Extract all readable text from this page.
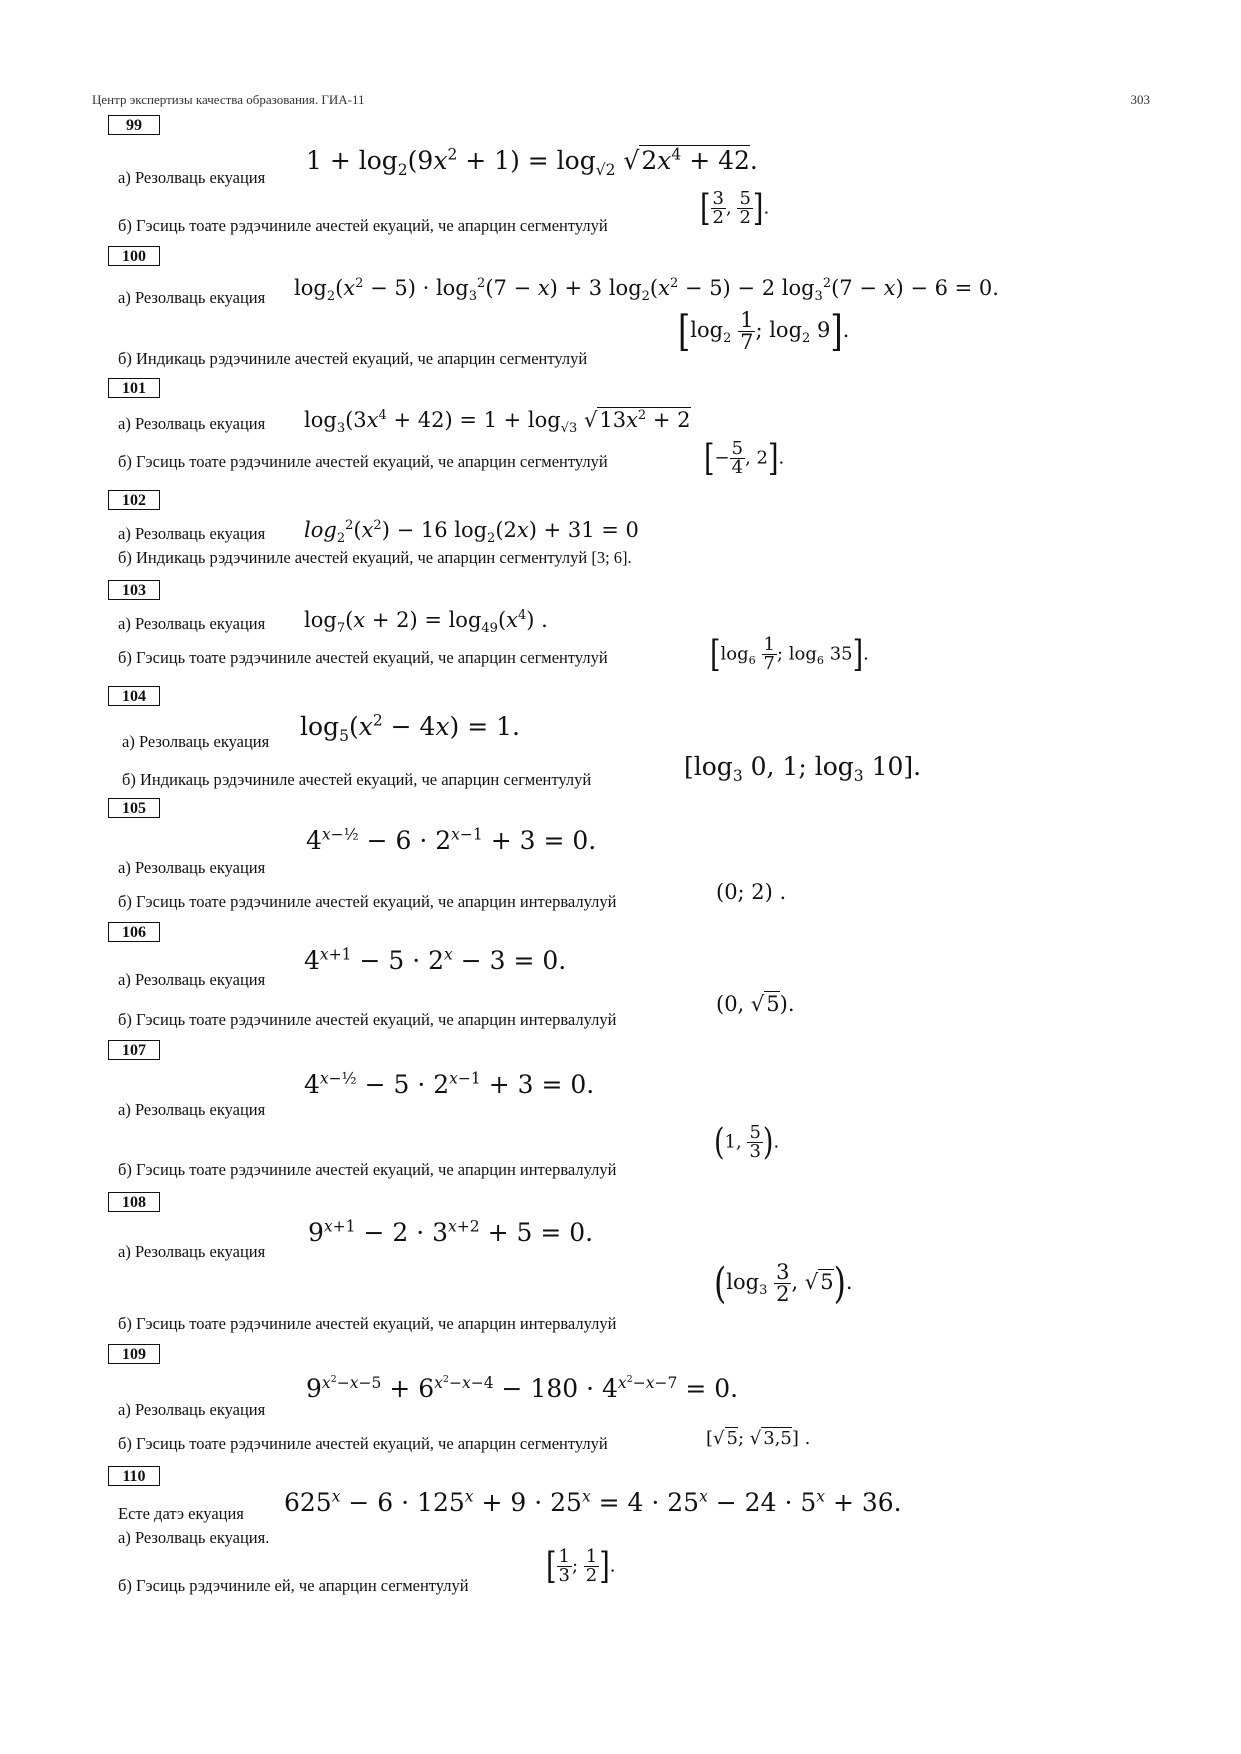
Центр экспертизы качества образования. ГИА-11	303
99
а) Резолваць екуация
$1 + \log_2(9x^2 + 1) = \log_{√2} √2x^4 + 42$.
б) Гэсиць тоате рэдэчиниле ачестей екуаций, че апарцин сегментулуй	[ $\frac{3}{2}$ , $\frac{5}{2}$ ].
100
а) Резолваць екуация $\log_2(x^2 - 5) \cdot \log_3^2(7 - x) + 3$ $\log_2(x^2 - 5) - 2$ $\log_3^2(7 - x) - 6 = 0$.
б) Индикаць рэдэчиниле ачестей екуаций, че апарцин сегментулуй
[$\log_2 \frac{1}{7}$ ; $\log_2 9$].
101
а) Резолваць екуация $\log_3(3x^4 + 42) = 1 + \log_{√3} √13x^2 + 2$
б) Гэсиць тоате рэдэчиниле ачестей екуаций, че апарцин сегментулуй	[− $\frac{5}{4}$ , 2].
102
а) Резолваць екуация $\log_2^2(x^2) - 16$ $\log_2(2x) + 31 = 0$
б) Индикаць рэдэчиниле ачестей екуаций, че апарцин сегментулуй [3; 6].
103
а) Резолваць екуация $\log_7(x + 2) = \log_{49}(x^4)$ .
б) Гэсиць тоате рэдэчиниле ачестей екуаций, че апарцин сегментулуй	[$\log_6 \frac{1}{7}$ ; $\log_6 35$].
104
а) Резолваць екуация
$\log_5(x^2 - 4x) = 1$.
б) Индикаць рэдэчиниле ачестей екуаций, че апарцин сегментулуй	[$\log_3$ 0, 1; $\log_3 10$].
105
а) Резолваць екуация
$4^{x-\frac{1}{2}} - 6 \cdot 2^{x-1} + 3 = 0$.
б) Гэсиць тоате рэдэчиниле ачестей екуаций, че апарцин интервалулуй	(0; 2) .
106
а) Резолваць екуация
$4^{x+1} - 5 \cdot 2^x - 3 = 0$.
б) Гэсиць тоате рэдэчиниле ачестей екуаций, че апарцин интервалулуй
(0, √5).
107
а) Резолваць екуация
$4^{x-\frac{1}{2}} - 5 \cdot 2^{x-1} + 3 = 0$.
б) Гэсиць тоате рэдэчиниле ачестей екуаций, че апарцин интервалулуй
(1, $\frac{5}{3}$ ).
108
а) Резолваць екуация
$9^{x+1} - 2 \cdot 3^{x+2} + 5 = 0$.
б) Гэсиць тоате рэдэчиниле ачестей екуаций, че апарцин интервалулуй
($\log_3 \frac{3}{2}$ , √5).
109
а) Резолваць екуация
$9^{x^2-x-5} + 6^{x^2-x-4} - 180 \cdot 4^{x^2-x-7} = 0$.
б) Гэсиць тоате рэдэчиниле ачестей екуаций, че апарцин сегментулуй	[√ 5; √ 3,5] .
110
Есте датэ екуация $625^x - 6 \cdot 125^x + 9 \cdot 25^x = 4 \cdot 25^x - 24 \cdot 5^x + 36$.
а) Резолваць екуация.
б) Гэсиць рэдэчиниле ей, че апарцин сегментулуй	[ $\frac{1}{3}$ ; $\frac{1}{2}$ ].
